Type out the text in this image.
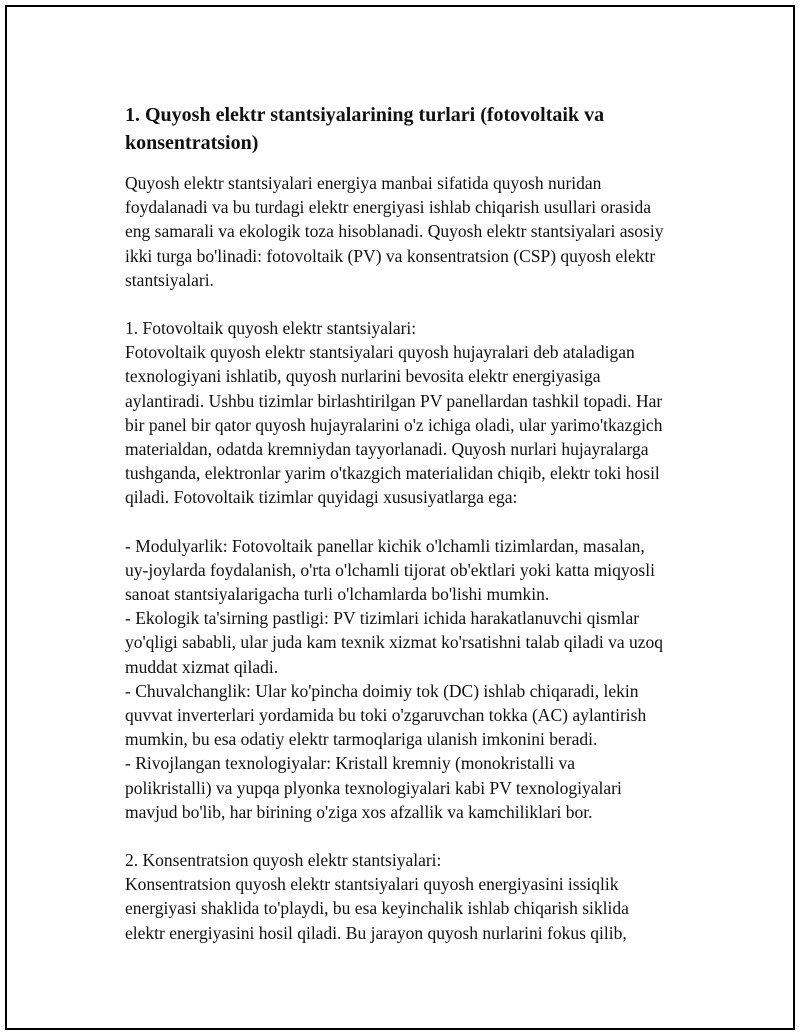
1. Quyosh elektr stantsiyalarining turlari (fotovoltaik va
konsentratsion)

Quyosh elektr stantsiyalari energiya manbai sifatida quyosh nuridan
foydalanadi va bu turdagi elektr energiyasi ishlab chiqarish usullari orasida
eng samarali va ekologik toza hisoblanadi. Quyosh elektr stantsiyalari asosiy
ikki turga bo'linadi: fotovoltaik (PV) va konsentratsion (CSP) quyosh elektr
stantsiyalari.

1. Fotovoltaik quyosh elektr stantsiyalari:
Fotovoltaik quyosh elektr stantsiyalari quyosh hujayralari deb ataladigan
texnologiyani ishlatib, quyosh nurlarini bevosita elektr energiyasiga
aylantiradi. Ushbu tizimlar birlashtirilgan PV panellardan tashkil topadi. Har
bir panel bir qator quyosh hujayralarini o'z ichiga oladi, ular yarimo'tkazgich
materialdan, odatda kremniydan tayyorlanadi. Quyosh nurlari hujayralarga
tushganda, elektronlar yarim o'tkazgich materialidan chiqib, elektr toki hosil
qiladi. Fotovoltaik tizimlar quyidagi xususiyatlarga ega:

- Modulyarlik: Fotovoltaik panellar kichik o'lchamli tizimlardan, masalan,
uy-joylarda foydalanish, o'rta o'lchamli tijorat ob'ektlari yoki katta miqyosli
sanoat stantsiyalarigacha turli o'lchamlarda bo'lishi mumkin.
- Ekologik ta'sirning pastligi: PV tizimlari ichida harakatlanuvchi qismlar
yo'qligi sababli, ular juda kam texnik xizmat ko'rsatishni talab qiladi va uzoq
muddat xizmat qiladi.
- Chuvalchanglik: Ular ko'pincha doimiy tok (DC) ishlab chiqaradi, lekin
quvvat inverterlari yordamida bu toki o'zgaruvchan tokka (AC) aylantirish
mumkin, bu esa odatiy elektr tarmoqlariga ulanish imkonini beradi.
- Rivojlangan texnologiyalar: Kristall kremniy (monokristalli va
polikristalli) va yupqa plyonka texnologiyalari kabi PV texnologiyalari
mavjud bo'lib, har birining o'ziga xos afzallik va kamchiliklari bor.

2. Konsentratsion quyosh elektr stantsiyalari:
Konsentratsion quyosh elektr stantsiyalari quyosh energiyasini issiqlik
energiyasi shaklida to'playdi, bu esa keyinchalik ishlab chiqarish siklida
elektr energiyasini hosil qiladi. Bu jarayon quyosh nurlarini fokus qilib,
